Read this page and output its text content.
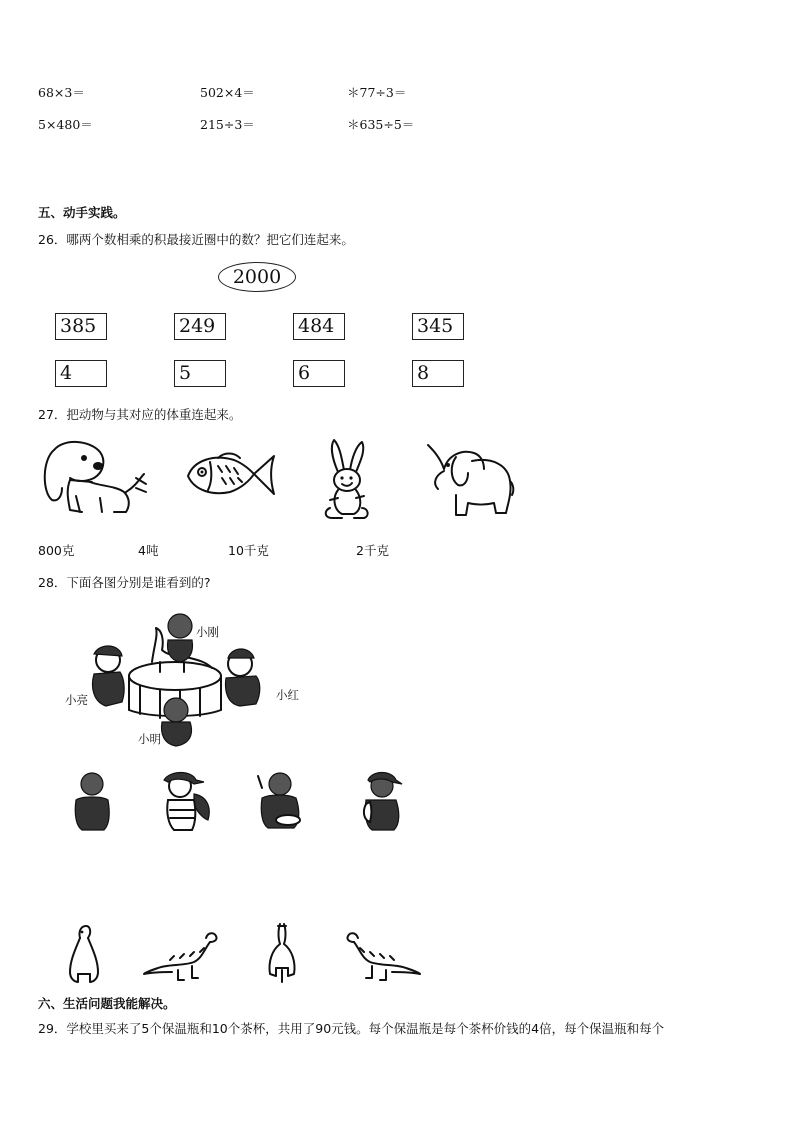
68×3＝	502×4＝	＊77÷3＝
5×480＝	215÷3＝	＊635÷5＝
五、动手实践。
26．哪两个数相乘的积最接近圈中的数？把它们连起来。
2000
385	249	484	345
4	5	6	8
27．把动物与其对应的体重连起来。
800克	4吨	10千克	2千克
28．下面各图分别是谁看到的?
小刚
小亮	小红
小明
六、生活问题我能解决。
29．学校里买来了5个保温瓶和10个茶杯，共用了90元钱。每个保温瓶是每个茶杯价钱的4倍，每个保温瓶和每个
